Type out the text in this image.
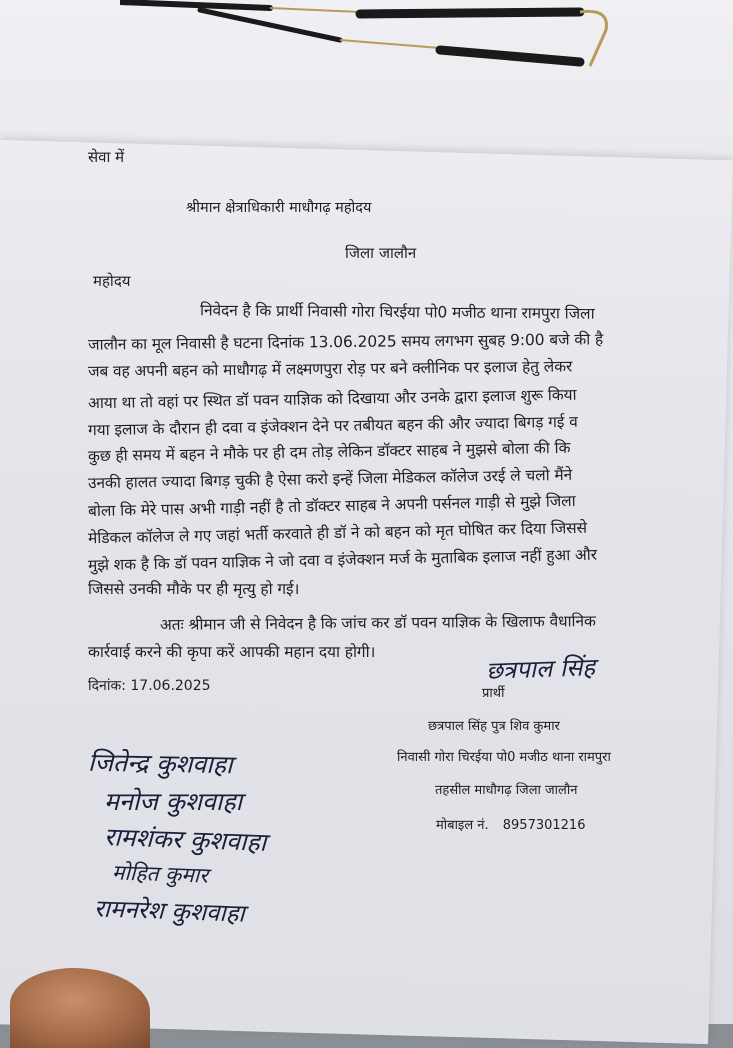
सेवा में
श्रीमान क्षेत्राधिकारी माधौगढ़ महोदय
जिला जालौन
महोदय
निवेदन है कि प्रार्थी निवासी गोरा चिरईया पो0 मजीठ थाना रामपुरा जिला
जालौन का मूल निवासी है घटना दिनांक 13.06.2025 समय लगभग सुबह 9:00 बजे की है
जब वह अपनी बहन को माधौगढ़ में लक्ष्मणपुरा रोड़ पर बने क्लीनिक पर इलाज हेतु लेकर
आया था तो वहां पर स्थित डॉ पवन याज्ञिक को दिखाया और उनके द्वारा इलाज शुरू किया
गया इलाज के दौरान ही दवा व इंजेक्शन देने पर तबीयत बहन की और ज्यादा बिगड़ गई व
कुछ ही समय में बहन ने मौके पर ही दम तोड़ लेकिन डॉक्टर साहब ने मुझसे बोला की कि
उनकी हालत ज्यादा बिगड़ चुकी है ऐसा करो इन्हें जिला मेडिकल कॉलेज उरई ले चलो मैंने
बोला कि मेरे पास अभी गाड़ी नहीं है तो डॉक्टर साहब ने अपनी पर्सनल गाड़ी से मुझे जिला
मेडिकल कॉलेज ले गए जहां भर्ती करवाते ही डॉ ने को बहन को मृत घोषित कर दिया जिससे
मुझे शक है कि डॉ पवन याज्ञिक ने जो दवा व इंजेक्शन मर्ज के मुताबिक इलाज नहीं हुआ और
जिससे उनकी मौके पर ही मृत्यु हो गई।
अतः श्रीमान जी से निवेदन है कि जांच कर डॉ पवन याज्ञिक के खिलाफ वैधानिक
कार्रवाई करने की कृपा करें आपकी महान दया होगी।
दिनांक: 17.06.2025
छत्रपाल सिंह
प्रार्थी
छत्रपाल सिंह पुत्र शिव कुमार
निवासी गोरा चिरईया पो0 मजीठ थाना रामपुरा
तहसील माधौगढ़ जिला जालौन
मोबाइल नं. 8957301216
जितेन्द्र कुशवाहा
मनोज कुशवाहा
रामशंकर कुशवाहा
मोहित कुमार
रामनरेश कुशवाहा
